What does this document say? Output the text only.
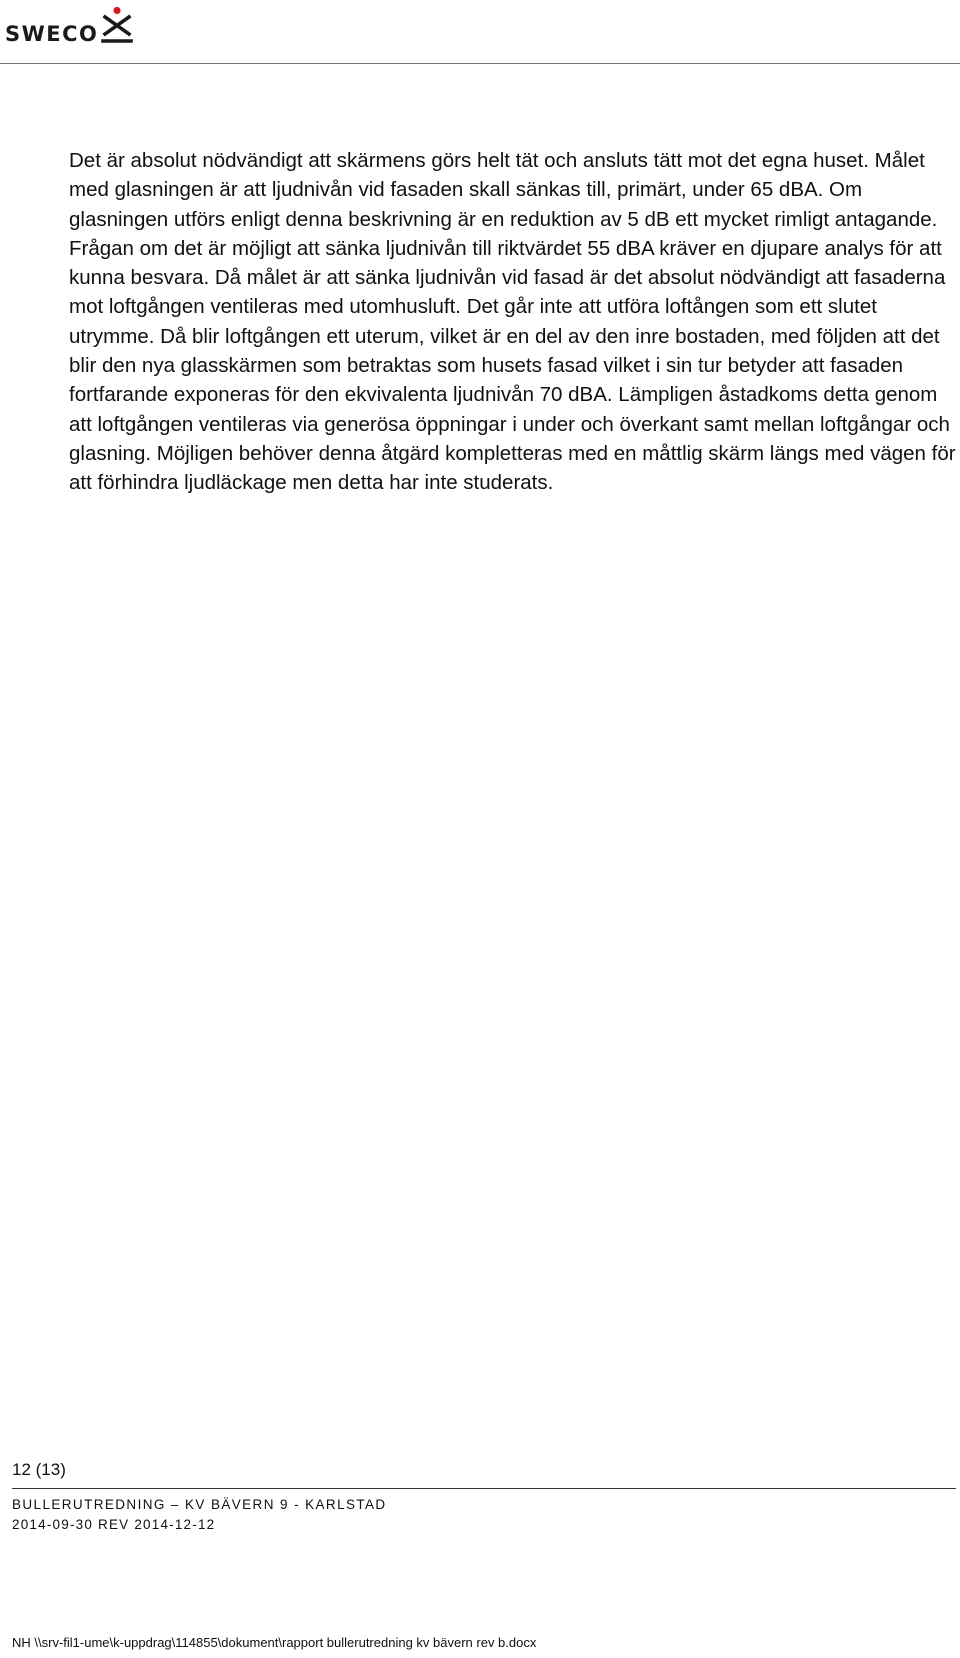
SWECO

Det är absolut nödvändigt att skärmens görs helt tät och ansluts tätt mot det egna huset. Målet med glasningen är att ljudnivån vid fasaden skall sänkas till, primärt, under 65 dBA. Om glasningen utförs enligt denna beskrivning är en reduktion av 5 dB ett mycket rimligt antagande. Frågan om det är möjligt att sänka ljudnivån till riktvärdet 55 dBA kräver en djupare analys för att kunna besvara. Då målet är att sänka ljudnivån vid fasad är det absolut nödvändigt att fasaderna mot loftgången ventileras med utomhusluft. Det går inte att utföra loftången som ett slutet utrymme. Då blir loftgången ett uterum, vilket är en del av den inre bostaden, med följden att det blir den nya glasskärmen som betraktas som husets fasad vilket i sin tur betyder att fasaden fortfarande exponeras för den ekvivalenta ljudnivån 70 dBA. Lämpligen åstadkoms detta genom att loftgången ventileras via generösa öppningar i under och överkant samt mellan loftgångar och glasning. Möjligen behöver denna åtgärd kompletteras med en måttlig skärm längs med vägen för att förhindra ljudläckage men detta har inte studerats.

12 (13)
BULLERUTREDNING – KV BÄVERN 9 - KARLSTAD
2014-09-30 REV 2014-12-12
NH \\srv-fil1-ume\k-uppdrag\114855\dokument\rapport bullerutredning kv bävern rev b.docx
